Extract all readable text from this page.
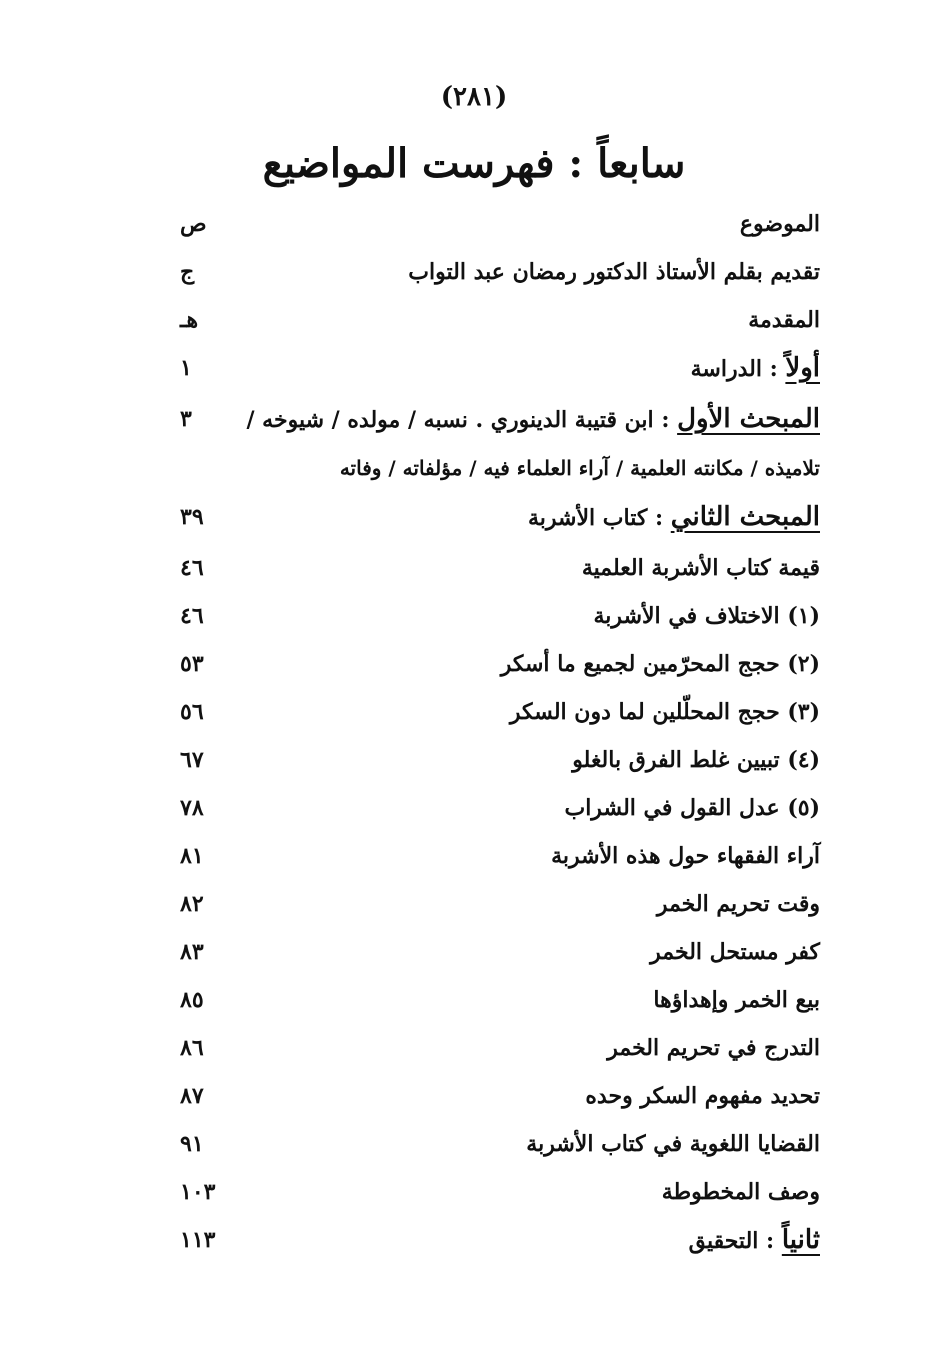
(٢٨١)
سابعاً : فهرست المواضيع
الموضوع
ص
تقديم بقلم الأستاذ الدكتور رمضان عبد التواب
ج
المقدمة
هـ
أولاً : الدراسة
١
المبحث الأول : ابن قتيبة الدينوري . نسبه / مولده / شيوخه /
٣
تلاميذه / مكانته العلمية / آراء العلماء فيه / مؤلفاته / وفاته
المبحث الثاني : كتاب الأشربة
٣٩
قيمة كتاب الأشربة العلمية
٤٦
(١) الاختلاف في الأشربة
٤٦
(٢) حجج المحرّمين لجميع ما أسكر
٥٣
(٣) حجج المحلّلين لما دون السكر
٥٦
(٤) تبيين غلط الفرق بالغلو
٦٧
(٥) عدل القول في الشراب
٧٨
آراء الفقهاء حول هذه الأشربة
٨١
وقت تحريم الخمر
٨٢
كفر مستحل الخمر
٨٣
بيع الخمر وإهداؤها
٨٥
التدرج في تحريم الخمر
٨٦
تحديد مفهوم السكر وحده
٨٧
القضايا اللغوية في كتاب الأشربة
٩١
وصف المخطوطة
١٠٣
ثانياً : التحقيق
١١٣
